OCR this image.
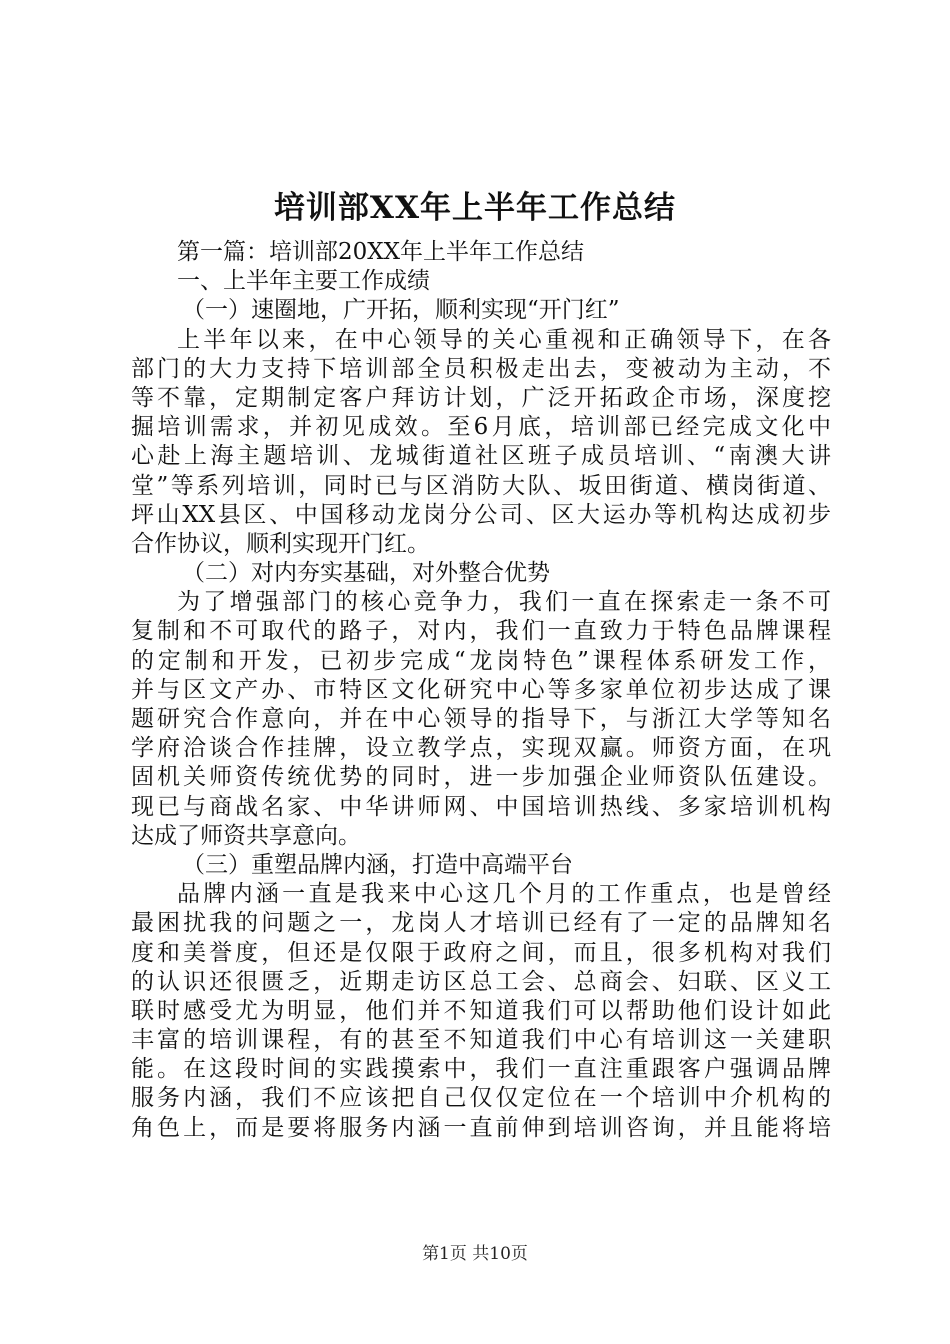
培训部XX年上半年工作总结
第一篇：培训部20XX年上半年工作总结
一、上半年主要工作成绩
（一）速圈地，广开拓，顺利实现“开门红”
上半年以来，在中心领导的关心重视和正确领导下，在各
部门的大力支持下培训部全员积极走出去，变被动为主动，不
等不靠，定期制定客户拜访计划，广泛开拓政企市场，深度挖
掘培训需求，并初见成效。至6月底，培训部已经完成文化中
心赴上海主题培训、龙城街道社区班子成员培训、“南澳大讲
堂”等系列培训，同时已与区消防大队、坂田街道、横岗街道、
坪山XX县区、中国移动龙岗分公司、区大运办等机构达成初步
合作协议，顺利实现开门红。
（二）对内夯实基础，对外整合优势
为了增强部门的核心竞争力，我们一直在探索走一条不可
复制和不可取代的路子，对内，我们一直致力于特色品牌课程
的定制和开发，已初步完成“龙岗特色”课程体系研发工作，
并与区文产办、市特区文化研究中心等多家单位初步达成了课
题研究合作意向，并在中心领导的指导下，与浙江大学等知名
学府洽谈合作挂牌，设立教学点，实现双赢。师资方面，在巩
固机关师资传统优势的同时，进一步加强企业师资队伍建设。
现已与商战名家、中华讲师网、中国培训热线、多家培训机构
达成了师资共享意向。
（三）重塑品牌内涵，打造中高端平台
品牌内涵一直是我来中心这几个月的工作重点，也是曾经
最困扰我的问题之一，龙岗人才培训已经有了一定的品牌知名
度和美誉度，但还是仅限于政府之间，而且，很多机构对我们
的认识还很匮乏，近期走访区总工会、总商会、妇联、区义工
联时感受尤为明显，他们并不知道我们可以帮助他们设计如此
丰富的培训课程，有的甚至不知道我们中心有培训这一关建职
能。在这段时间的实践摸索中，我们一直注重跟客户强调品牌
服务内涵，我们不应该把自己仅仅定位在一个培训中介机构的
角色上，而是要将服务内涵一直前伸到培训咨询，并且能将培
第1页 共10页
